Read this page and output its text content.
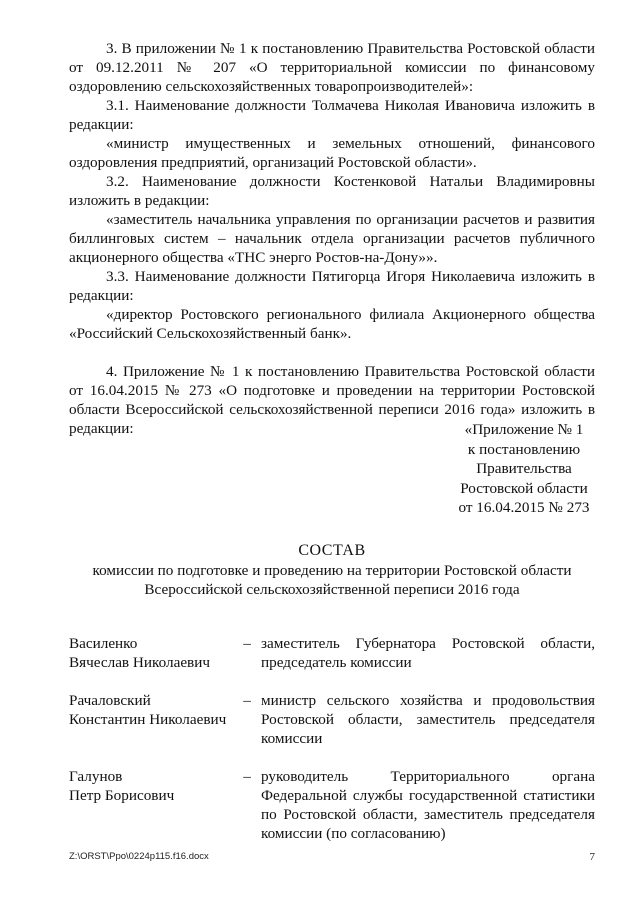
3. В приложении № 1 к постановлению Правительства Ростовской области от 09.12.2011 № 207 «О территориальной комиссии по финансовому оздоровлению сельскохозяйственных товаропроизводителей»:

3.1. Наименование должности Толмачева Николая Ивановича изложить в редакции:

«министр имущественных и земельных отношений, финансового оздоровления предприятий, организаций Ростовской области».

3.2. Наименование должности Костенковой Натальи Владимировны изложить в редакции:

«заместитель начальника управления по организации расчетов и развития биллинговых систем – начальник отдела организации расчетов публичного акционерного общества «ТНС энерго Ростов-на-Дону»».

3.3. Наименование должности Пятигорца Игоря Николаевича изложить в редакции:

«директор Ростовского регионального филиала Акционерного общества «Российский Сельскохозяйственный банк».

4. Приложение № 1 к постановлению Правительства Ростовской области от 16.04.2015 № 273 «О подготовке и проведении на территории Ростовской области Всероссийской сельскохозяйственной переписи 2016 года» изложить в редакции:	«Приложение № 1
к постановлению
Правительства
Ростовской области
от 16.04.2015 № 273
СОСТАВ
комиссии по подготовке и проведению на территории Ростовской области
Всероссийской сельскохозяйственной переписи 2016 года
Василенко
Вячеслав Николаевич
– заместитель Губернатора Ростовской области, председатель комиссии
Рачаловский
Константин Николаевич
– министр сельского хозяйства и продовольствия Ростовской области, заместитель председателя комиссии
Галунов
Петр Борисович
– руководитель Территориального органа Федеральной службы государственной статистики по Ростовской области, заместитель председателя комиссии (по согласованию)
Z:\ORST\Ppo\0224p115.f16.docx	7
